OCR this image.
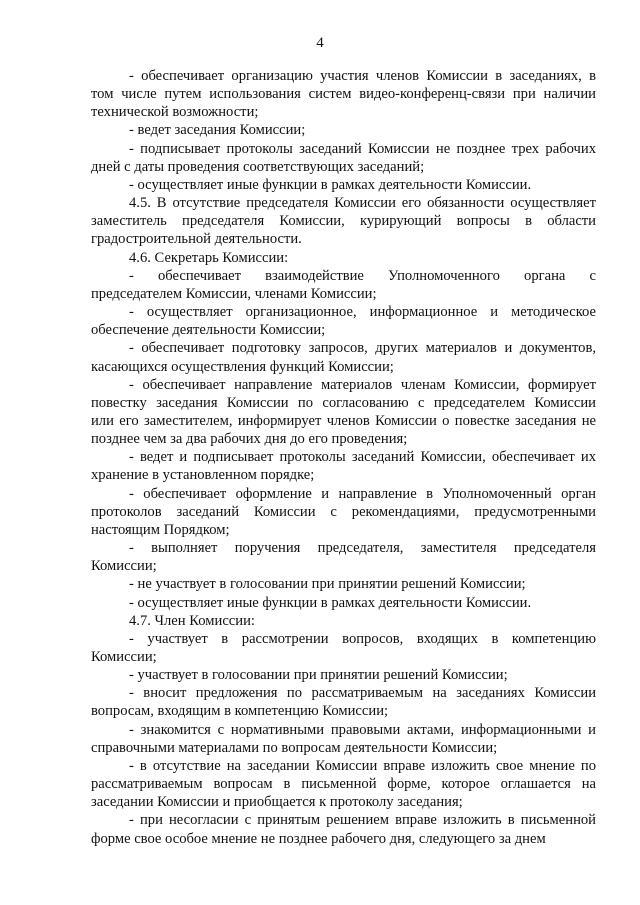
4
- обеспечивает организацию участия членов Комиссии в заседаниях, в
том числе путем использования систем видео-конференц-связи при наличии
технической возможности;
- ведет заседания Комиссии;
- подписывает протоколы заседаний Комиссии не позднее трех рабочих
дней с даты проведения соответствующих заседаний;
- осуществляет иные функции в рамках деятельности Комиссии.
4.5. В отсутствие председателя Комиссии его обязанности осуществляет
заместитель председателя Комиссии, курирующий вопросы в области
градостроительной деятельности.
4.6. Секретарь Комиссии:
- обеспечивает взаимодействие Уполномоченного органа с
председателем Комиссии, членами Комиссии;
- осуществляет организационное, информационное и методическое
обеспечение деятельности Комиссии;
- обеспечивает подготовку запросов, других материалов и документов,
касающихся осуществления функций Комиссии;
- обеспечивает направление материалов членам Комиссии, формирует
повестку заседания Комиссии по согласованию с председателем Комиссии
или его заместителем, информирует членов Комиссии о повестке заседания не
позднее чем за два рабочих дня до его проведения;
- ведет и подписывает протоколы заседаний Комиссии, обеспечивает их
хранение в установленном порядке;
- обеспечивает оформление и направление в Уполномоченный орган
протоколов заседаний Комиссии с рекомендациями, предусмотренными
настоящим Порядком;
- выполняет поручения председателя, заместителя председателя
Комиссии;
- не участвует в голосовании при принятии решений Комиссии;
- осуществляет иные функции в рамках деятельности Комиссии.
4.7. Член Комиссии:
- участвует в рассмотрении вопросов, входящих в компетенцию
Комиссии;
- участвует в голосовании при принятии решений Комиссии;
- вносит предложения по рассматриваемым на заседаниях Комиссии
вопросам, входящим в компетенцию Комиссии;
- знакомится с нормативными правовыми актами, информационными и
справочными материалами по вопросам деятельности Комиссии;
- в отсутствие на заседании Комиссии вправе изложить свое мнение по
рассматриваемым вопросам в письменной форме, которое оглашается на
заседании Комиссии и приобщается к протоколу заседания;
- при несогласии с принятым решением вправе изложить в письменной
форме свое особое мнение не позднее рабочего дня, следующего за днем
